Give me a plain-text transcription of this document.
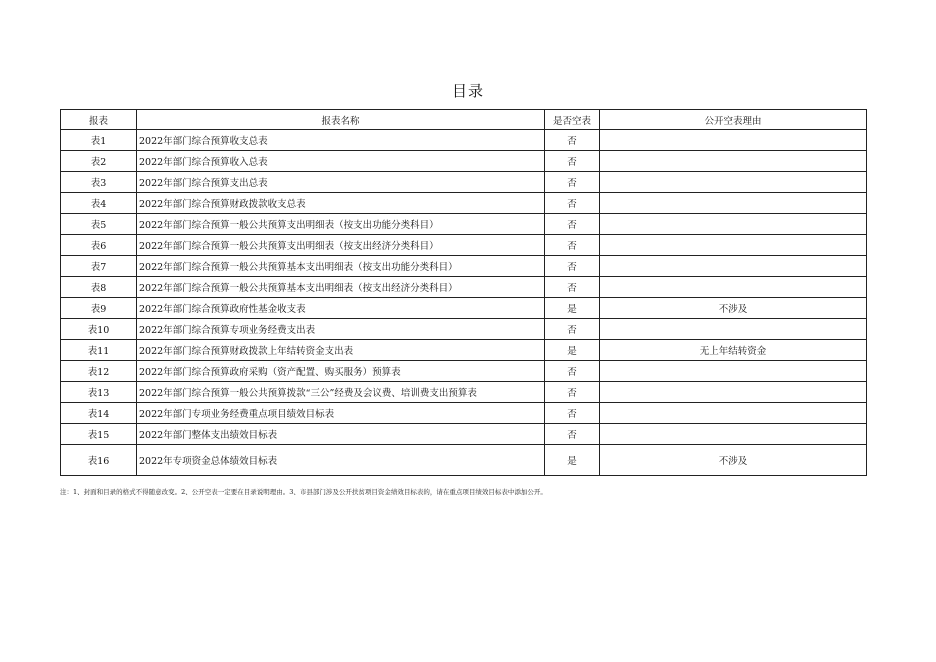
目录
报表	报表名称	是否空表	公开空表理由
表1	2022年部门综合预算收支总表	否	
表2	2022年部门综合预算收入总表	否	
表3	2022年部门综合预算支出总表	否	
表4	2022年部门综合预算财政拨款收支总表	否	
表5	2022年部门综合预算一般公共预算支出明细表（按支出功能分类科目）	否	
表6	2022年部门综合预算一般公共预算支出明细表（按支出经济分类科目）	否	
表7	2022年部门综合预算一般公共预算基本支出明细表（按支出功能分类科目）	否	
表8	2022年部门综合预算一般公共预算基本支出明细表（按支出经济分类科目）	否	
表9	2022年部门综合预算政府性基金收支表	是	不涉及
表10	2022年部门综合预算专项业务经费支出表	否	
表11	2022年部门综合预算财政拨款上年结转资金支出表	是	无上年结转资金
表12	2022年部门综合预算政府采购（资产配置、购买服务）预算表	否	
表13	2022年部门综合预算一般公共预算拨款“三公”经费及会议费、培训费支出预算表	否	
表14	2022年部门专项业务经费重点项目绩效目标表	否	
表15	2022年部门整体支出绩效目标表	否	
表16	2022年专项资金总体绩效目标表	是	不涉及
注：1、封面和目录的格式不得随意改变。2、公开空表一定要在目录说明理由。3、市县部门涉及公开扶贫项目资金绩效目标表的，请在重点项目绩效目标表中添加公开。
